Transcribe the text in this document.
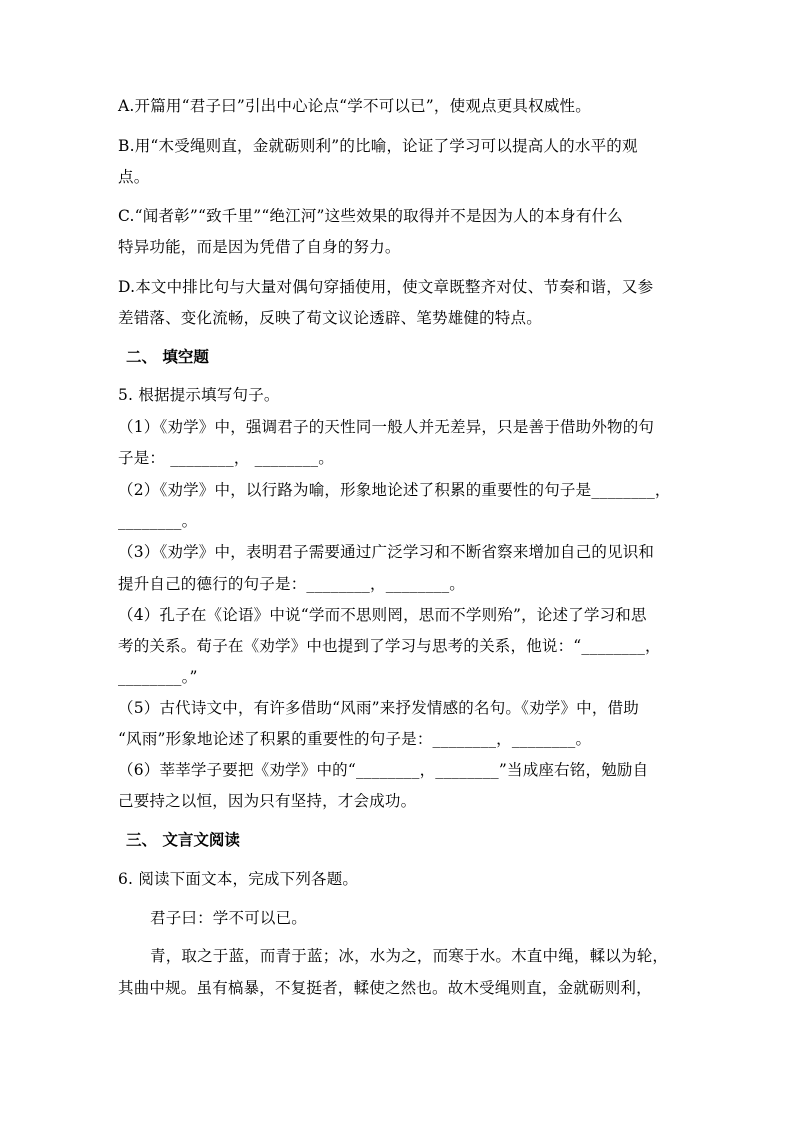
A.开篇用“君子曰”引出中心论点“学不可以已”，使观点更具权威性。
B.用“木受绳则直，金就砺则利”的比喻，论证了学习可以提高人的水平的观
点。
C.“闻者彰”“致千里”“绝江河”这些效果的取得并不是因为人的本身有什么
特异功能，而是因为凭借了自身的努力。
D.本文中排比句与大量对偶句穿插使用，使文章既整齐对仗、节奏和谐，又参
差错落、变化流畅，反映了荀文议论透辟、笔势雄健的特点。
二、 填空题
5. 根据提示填写句子。
（1）《劝学》中，强调君子的天性同一般人并无差异，只是善于借助外物的句
子是： ________， ________。
（2）《劝学》中，以行路为喻，形象地论述了积累的重要性的句子是________，
________。
（3）《劝学》中，表明君子需要通过广泛学习和不断省察来增加自己的见识和
提升自己的德行的句子是：________，________。
（4）孔子在《论语》中说“学而不思则罔，思而不学则殆”，论述了学习和思
考的关系。荀子在《劝学》中也提到了学习与思考的关系，他说：“________，
________。”
（5）古代诗文中，有许多借助“风雨”来抒发情感的名句。《劝学》中，借助
“风雨”形象地论述了积累的重要性的句子是：________，________。
（6）莘莘学子要把《劝学》中的“________，________”当成座右铭，勉励自
己要持之以恒，因为只有坚持，才会成功。
三、 文言文阅读
6. 阅读下面文本，完成下列各题。
君子曰：学不可以已。
青，取之于蓝，而青于蓝；冰，水为之，而寒于水。木直中绳，輮以为轮，
其曲中规。虽有槁暴，不复挺者，輮使之然也。故木受绳则直，金就砺则利，
